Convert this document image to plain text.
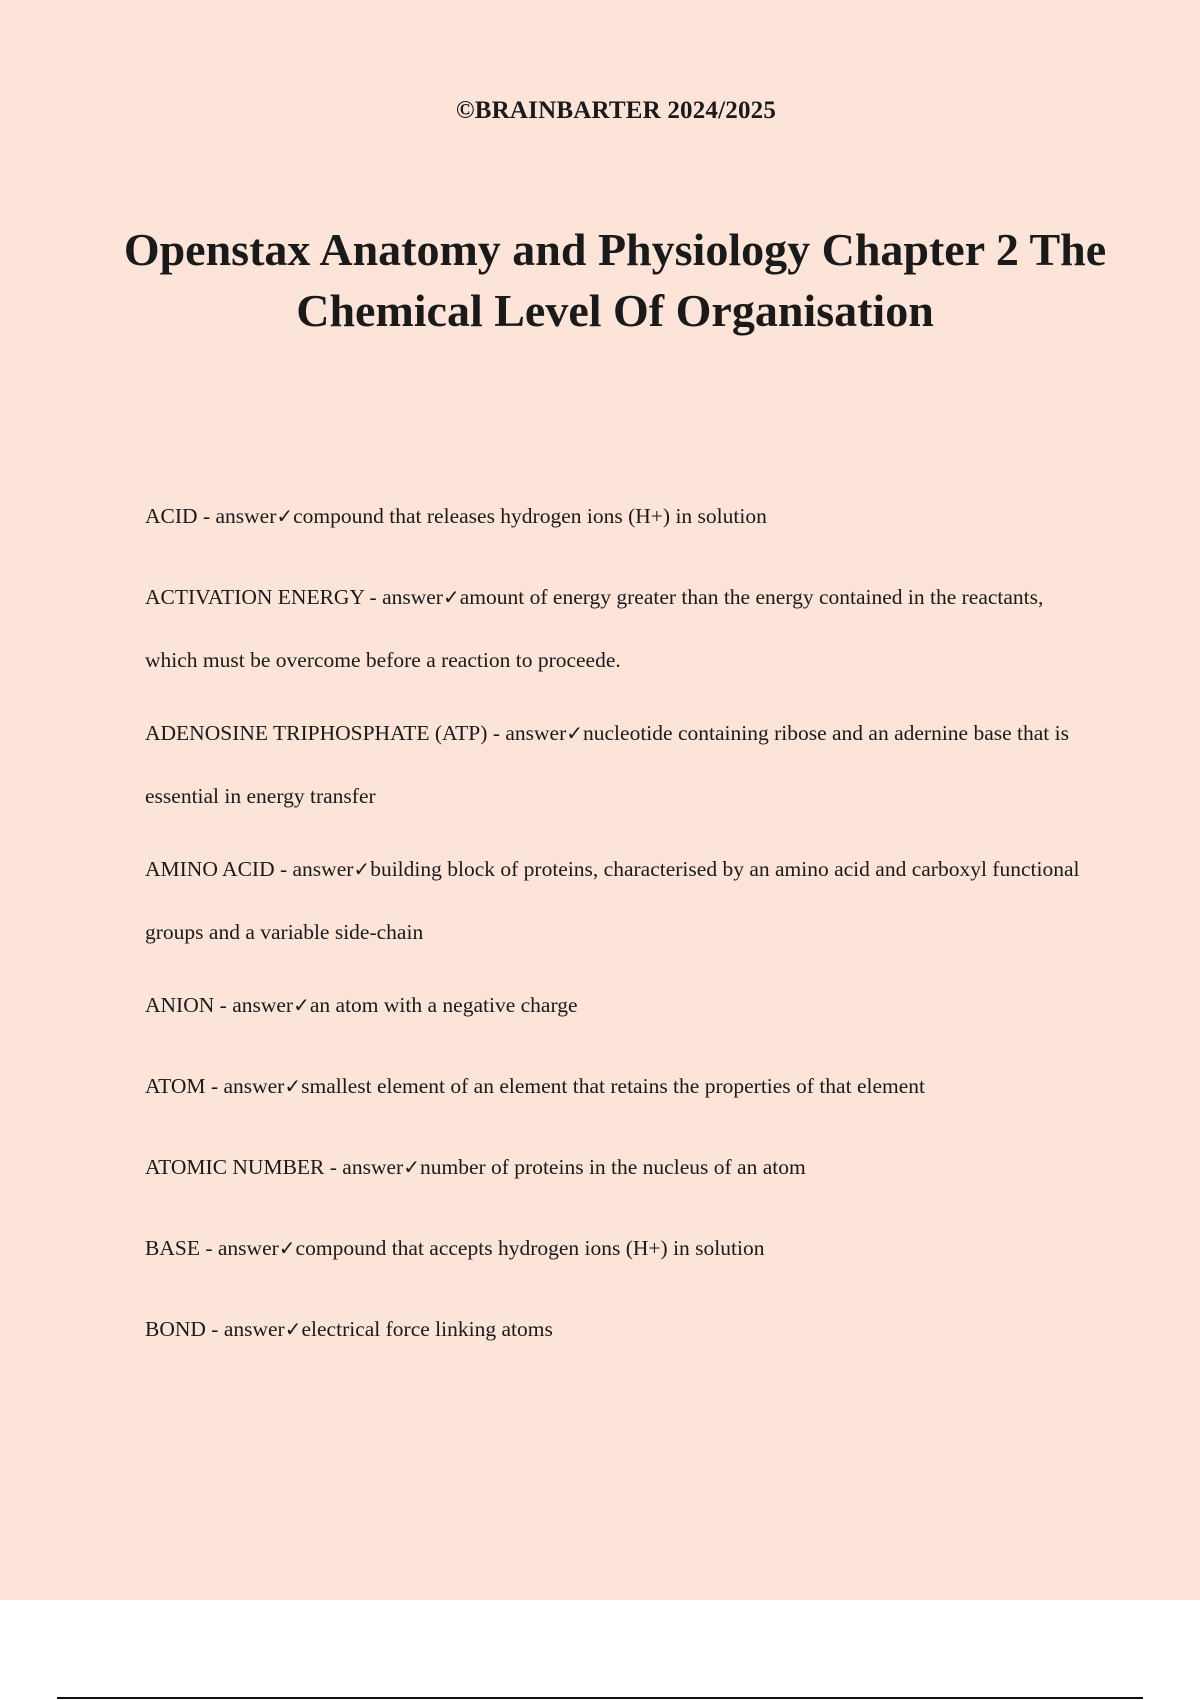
©BRAINBARTER 2024/2025
Openstax Anatomy and Physiology Chapter 2 The Chemical Level Of Organisation

ACID - answer✓compound that releases hydrogen ions (H+) in solution

ACTIVATION ENERGY - answer✓amount of energy greater than the energy contained in the reactants, which must be overcome before a reaction to proceede.

ADENOSINE TRIPHOSPHATE (ATP) - answer✓nucleotide containing ribose and an adernine base that is essential in energy transfer

AMINO ACID - answer✓building block of proteins, characterised by an amino acid and carboxyl functional groups and a variable side-chain

ANION - answer✓an atom with a negative charge

ATOM - answer✓smallest element of an element that retains the properties of that element

ATOMIC NUMBER - answer✓number of proteins in the nucleus of an atom

BASE - answer✓compound that accepts hydrogen ions (H+) in solution

BOND - answer✓electrical force linking atoms
